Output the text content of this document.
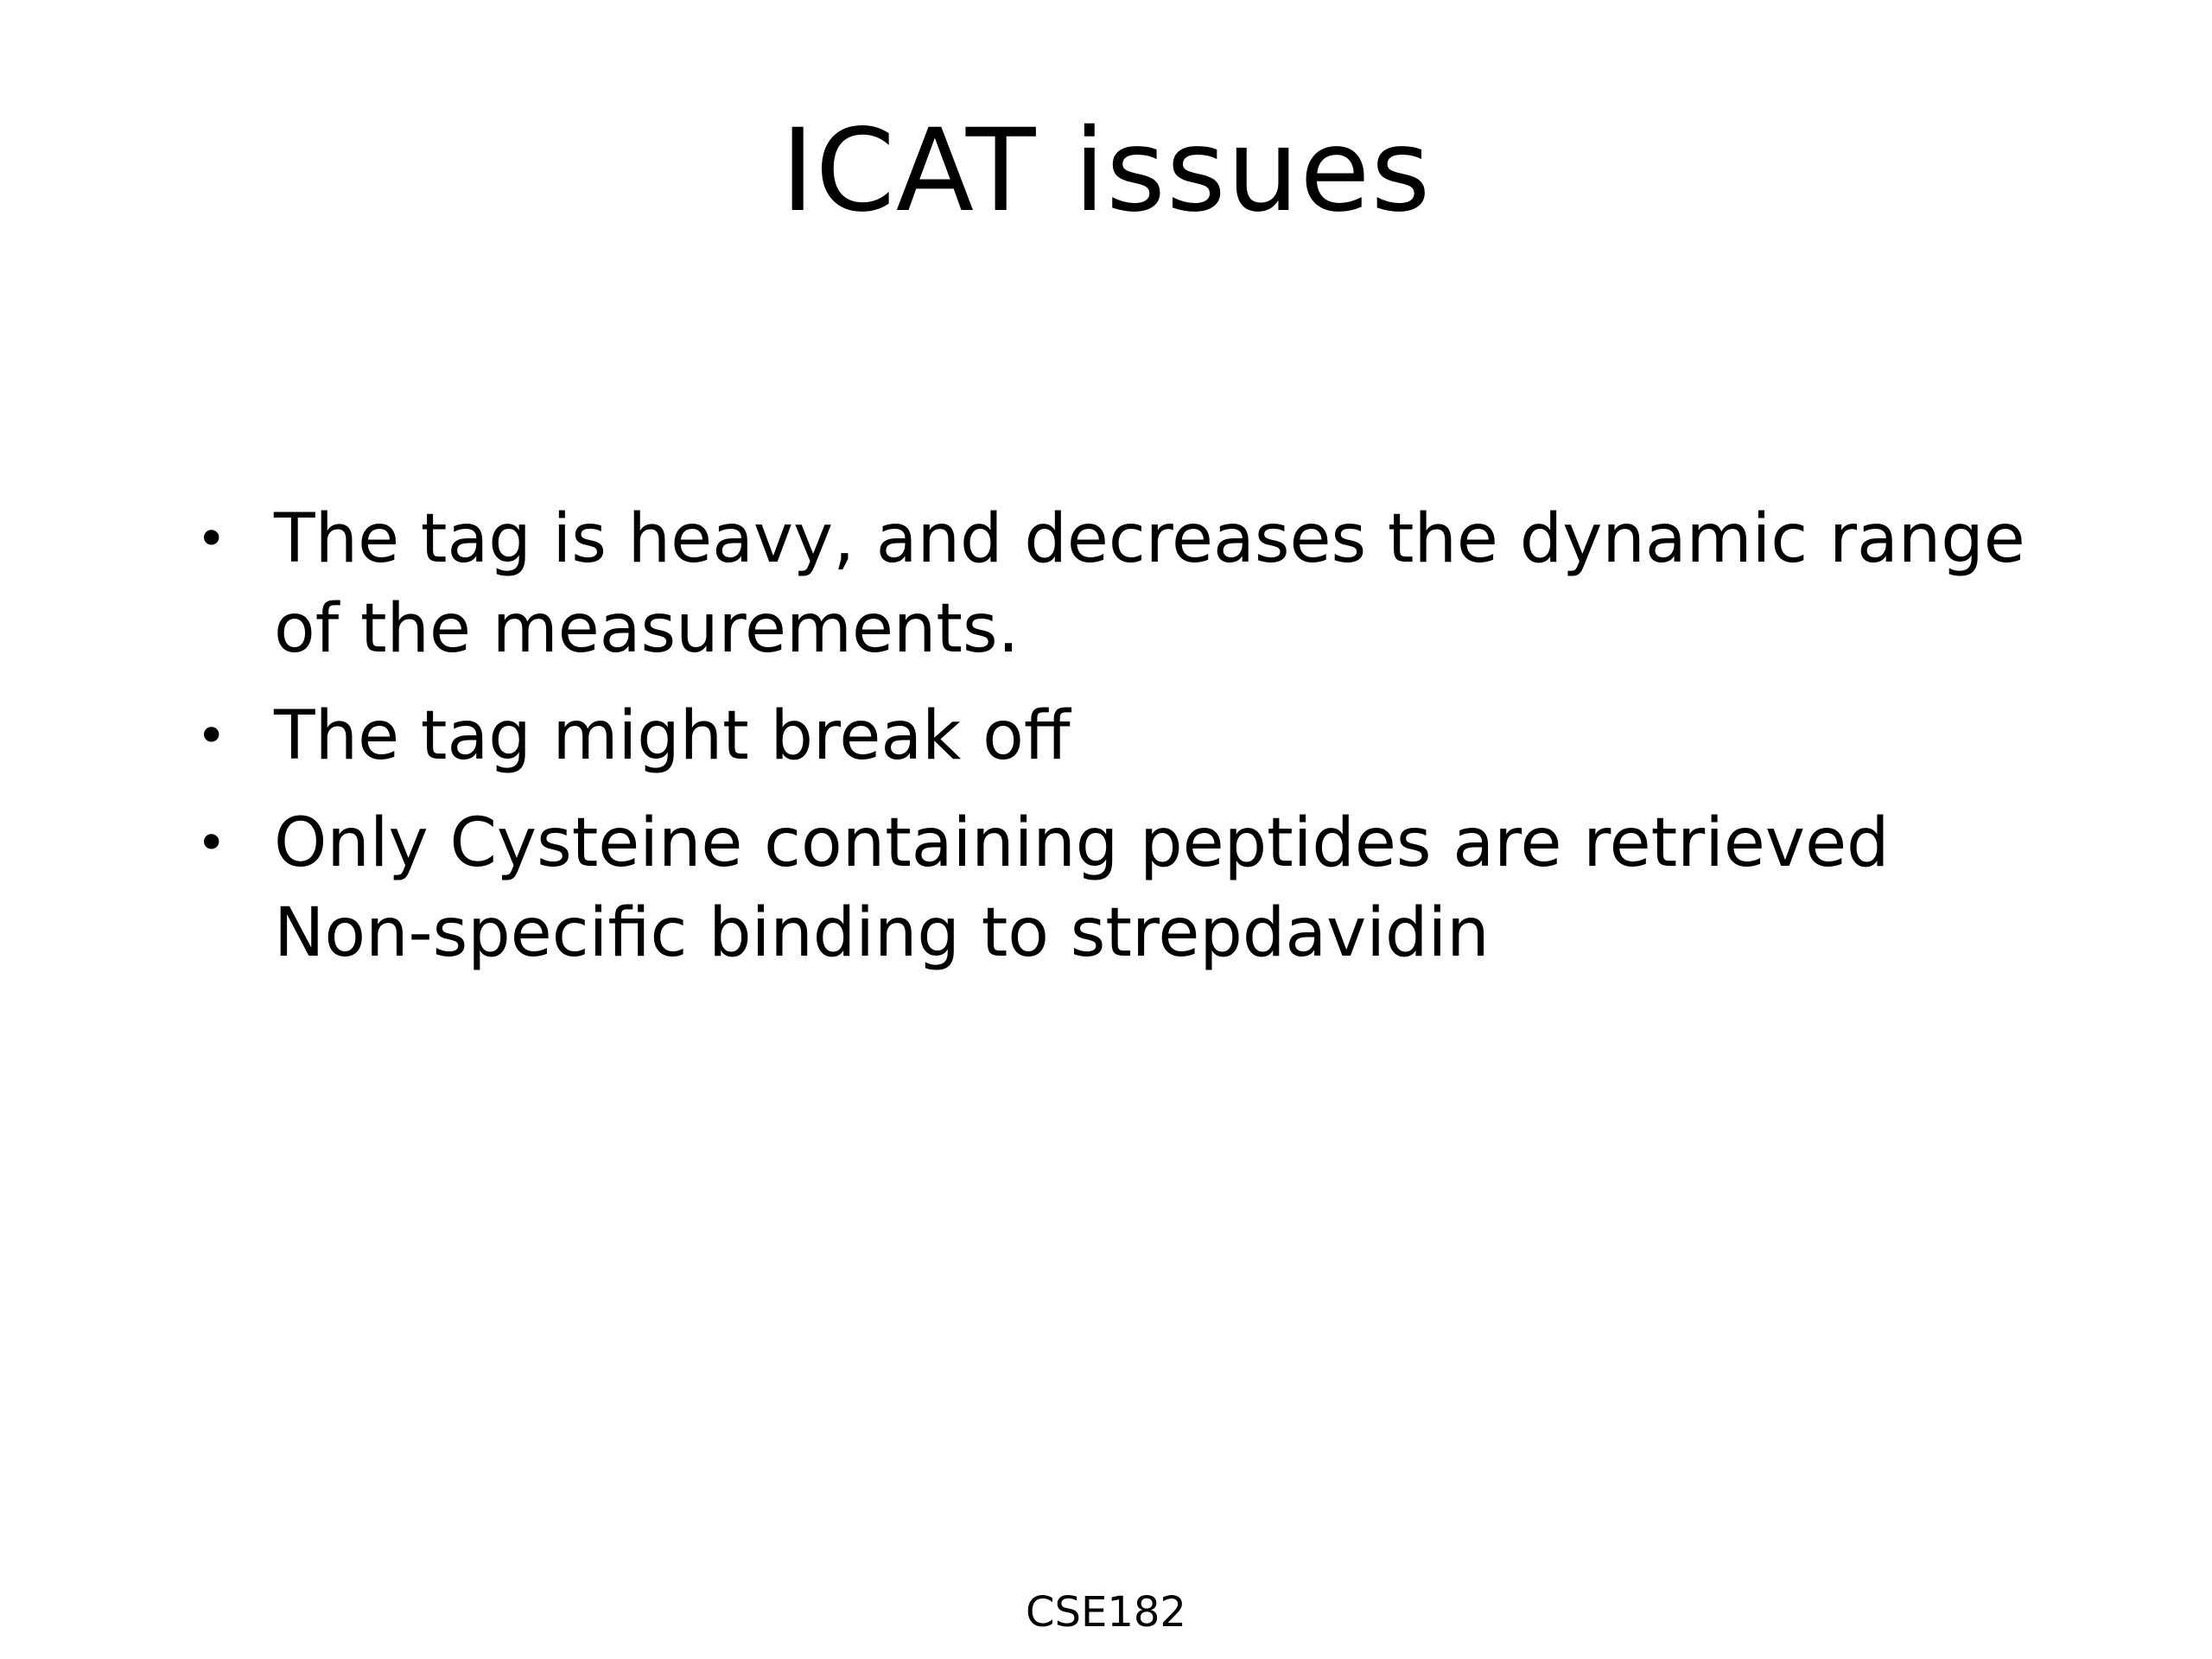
ICAT issues
• The tag is heavy, and decreases the dynamic range
of the measurements.
• The tag might break off
• Only Cysteine containing peptides are retrieved
Non-specific binding to strepdavidin
CSE182
